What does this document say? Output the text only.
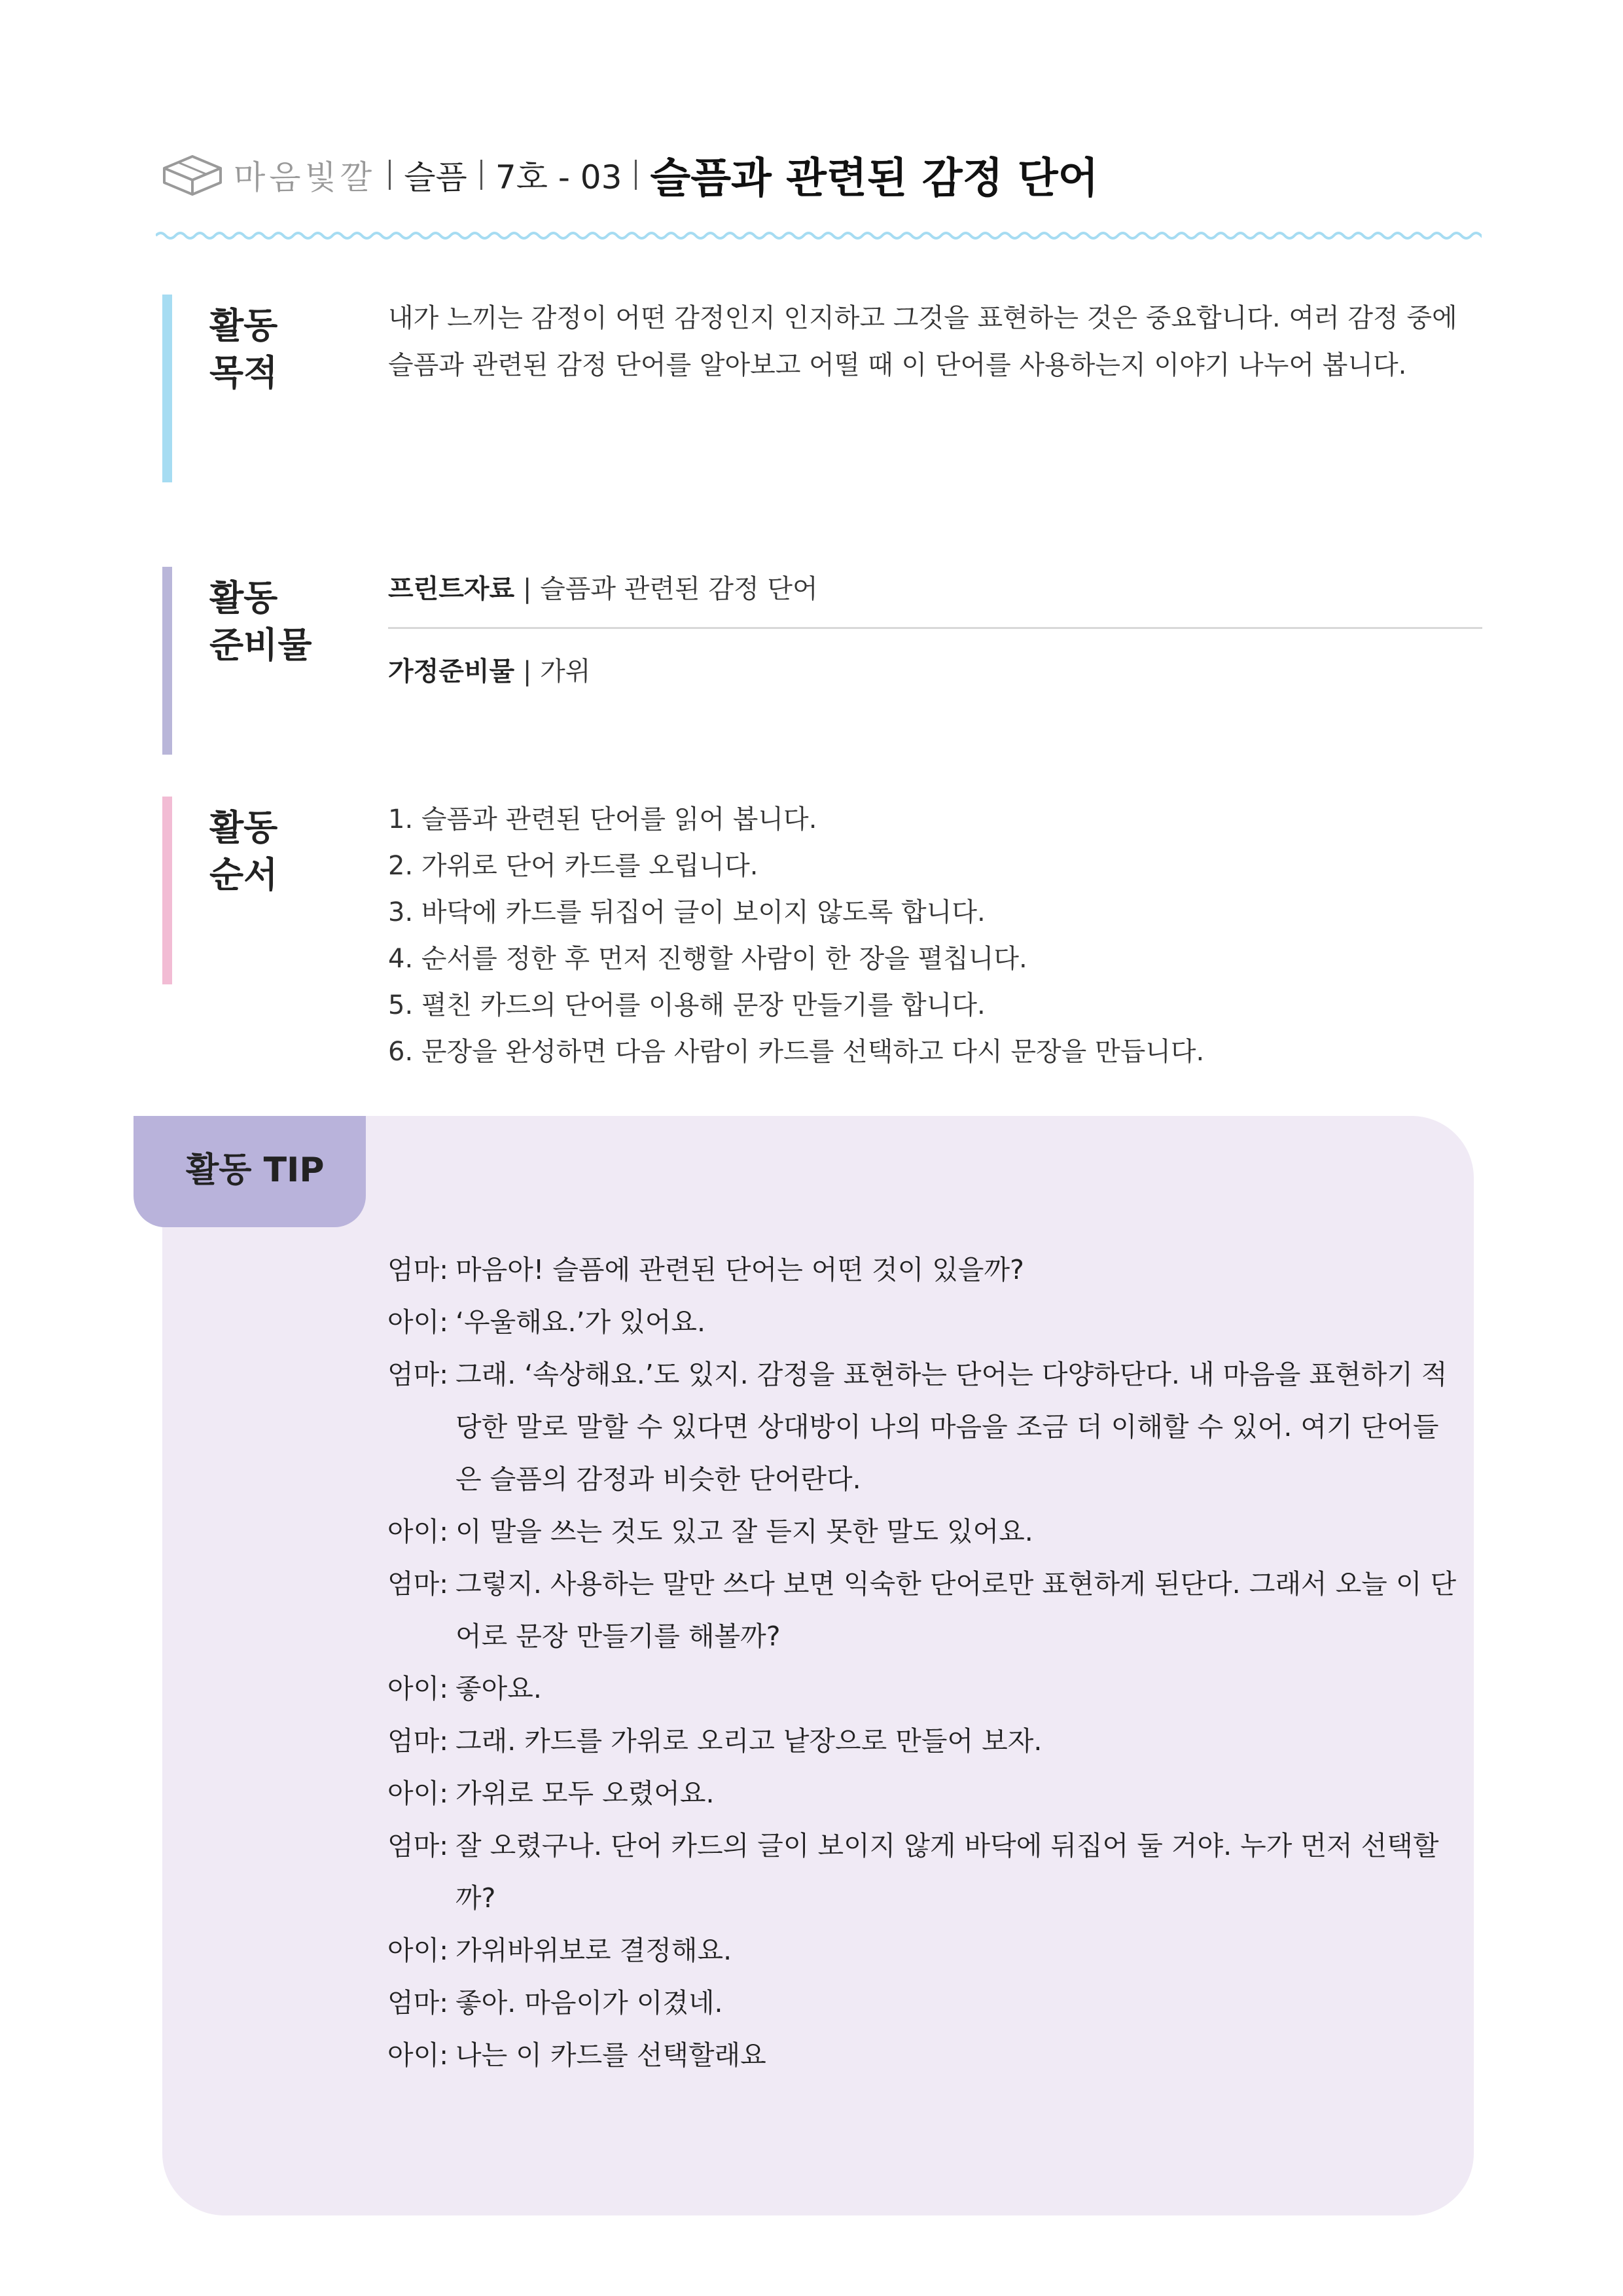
마음빛깔 슬픔 7호 - 03 슬픔과 관련된 감정 단어
활동
목적
내가 느끼는 감정이 어떤 감정인지 인지하고 그것을 표현하는 것은 중요합니다. 여러 감정 중에 슬픔과 관련된 감정 단어를 알아보고 어떨 때 이 단어를 사용하는지 이야기 나누어 봅니다.
활동
준비물
프린트자료 | 슬픔과 관련된 감정 단어
가정준비물 | 가위
활동
순서
1. 슬픔과 관련된 단어를 읽어 봅니다.
2. 가위로 단어 카드를 오립니다.
3. 바닥에 카드를 뒤집어 글이 보이지 않도록 합니다.
4. 순서를 정한 후 먼저 진행할 사람이 한 장을 펼칩니다.
5. 펼친 카드의 단어를 이용해 문장 만들기를 합니다.
6. 문장을 완성하면 다음 사람이 카드를 선택하고 다시 문장을 만듭니다.
활동 TIP
엄마: 마음아! 슬픔에 관련된 단어는 어떤 것이 있을까?
아이: ‘우울해요.’가 있어요.
엄마: 그래. ‘속상해요.’도 있지. 감정을 표현하는 단어는 다양하단다. 내 마음을 표현하기 적당한 말로 말할 수 있다면 상대방이 나의 마음을 조금 더 이해할 수 있어. 여기 단어들은 슬픔의 감정과 비슷한 단어란다.
아이: 이 말을 쓰는 것도 있고 잘 듣지 못한 말도 있어요.
엄마: 그렇지. 사용하는 말만 쓰다 보면 익숙한 단어로만 표현하게 된단다. 그래서 오늘 이 단어로 문장 만들기를 해볼까?
아이: 좋아요.
엄마: 그래. 카드를 가위로 오리고 낱장으로 만들어 보자.
아이: 가위로 모두 오렸어요.
엄마: 잘 오렸구나. 단어 카드의 글이 보이지 않게 바닥에 뒤집어 둘 거야. 누가 먼저 선택할까?
아이: 가위바위보로 결정해요.
엄마: 좋아. 마음이가 이겼네.
아이: 나는 이 카드를 선택할래요
